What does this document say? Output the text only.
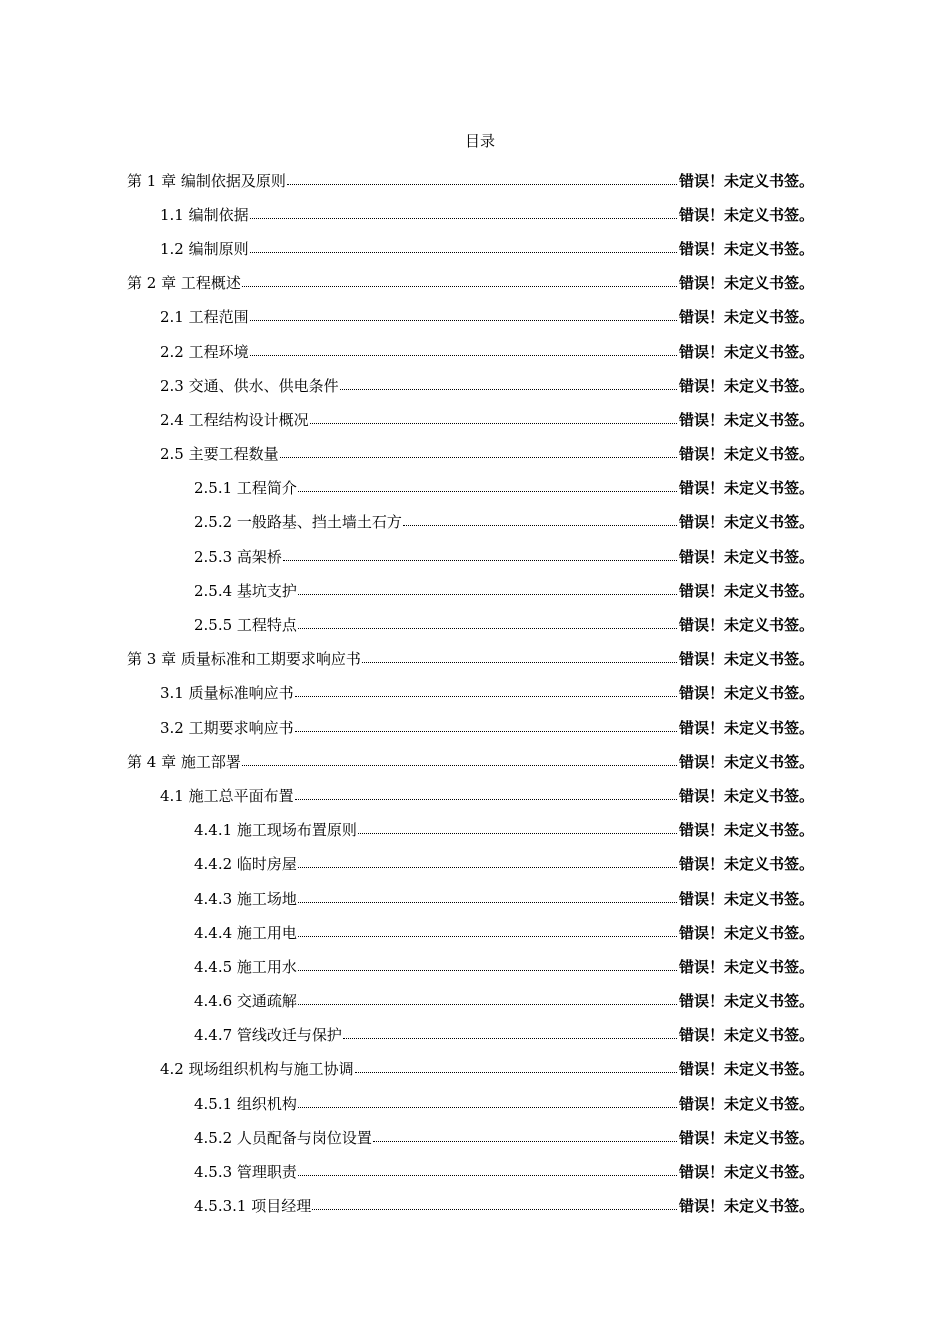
目录
第 1 章 编制依据及原则	错误！未定义书签。
1.1 编制依据	错误！未定义书签。
1.2 编制原则	错误！未定义书签。
第 2 章 工程概述	错误！未定义书签。
2.1 工程范围	错误！未定义书签。
2.2 工程环境	错误！未定义书签。
2.3 交通、供水、供电条件	错误！未定义书签。
2.4 工程结构设计概况	错误！未定义书签。
2.5 主要工程数量	错误！未定义书签。
2.5.1 工程简介	错误！未定义书签。
2.5.2 一般路基、挡土墙土石方	错误！未定义书签。
2.5.3 高架桥	错误！未定义书签。
2.5.4 基坑支护	错误！未定义书签。
2.5.5 工程特点	错误！未定义书签。
第 3 章 质量标准和工期要求响应书	错误！未定义书签。
3.1 质量标准响应书	错误！未定义书签。
3.2 工期要求响应书	错误！未定义书签。
第 4 章 施工部署	错误！未定义书签。
4.1 施工总平面布置	错误！未定义书签。
4.4.1 施工现场布置原则	错误！未定义书签。
4.4.2 临时房屋	错误！未定义书签。
4.4.3 施工场地	错误！未定义书签。
4.4.4 施工用电	错误！未定义书签。
4.4.5 施工用水	错误！未定义书签。
4.4.6 交通疏解	错误！未定义书签。
4.4.7 管线改迁与保护	错误！未定义书签。
4.2 现场组织机构与施工协调	错误！未定义书签。
4.5.1 组织机构	错误！未定义书签。
4.5.2 人员配备与岗位设置	错误！未定义书签。
4.5.3 管理职责	错误！未定义书签。
4.5.3.1 项目经理	错误！未定义书签。
